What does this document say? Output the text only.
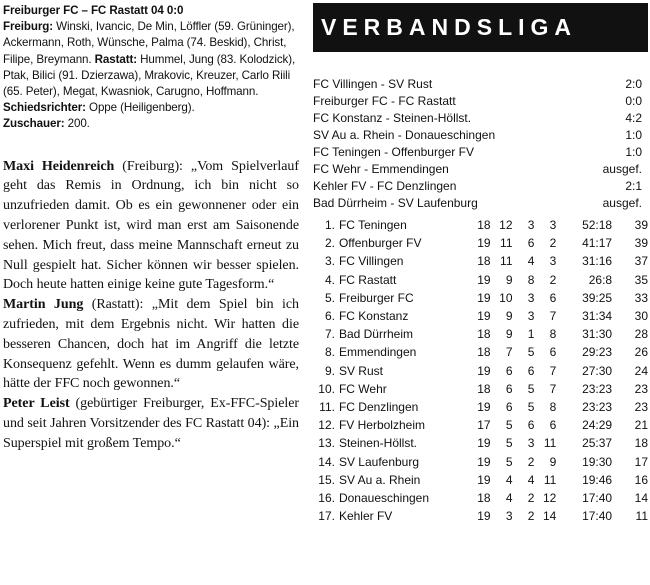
Freiburger FC – FC Rastatt 04 0:0
Freiburg: Winski, Ivancic, De Min, Löffler (59. Grüninger), Ackermann, Roth, Wünsche, Palma (74. Beskid), Christ, Filipe, Breymann. Rastatt: Hummel, Jung (83. Kolodzick), Ptak, Bilici (91. Dzierzawa), Mrakovic, Kreuzer, Carlo Riili (65. Peter), Megat, Kwasniok, Carugno, Hoffmann. Schiedsrichter: Oppe (Heiligenberg).
Zuschauer: 200.
Maxi Heidenreich (Freiburg): „Vom Spielverlauf geht das Remis in Ordnung, ich bin nicht so unzufrieden damit. Ob es ein gewonnener oder ein verlorener Punkt ist, wird man erst am Saisonende sehen. Mich freut, dass meine Mannschaft erneut zu Null gespielt hat. Sicher können wir besser spielen. Doch heute hatten einige keine gute Tagesform.“
Martin Jung (Rastatt): „Mit dem Spiel bin ich zufrieden, mit dem Ergebnis nicht. Wir hatten die besseren Chancen, doch hat im Angriff die letzte Konsequenz gefehlt. Wenn es dumm gelaufen wäre, hätte der FFC noch gewonnen.“
Peter Leist (gebürtiger Freiburger, Ex-FFC-Spieler und seit Jahren Vorsitzender des FC Rastatt 04): „Ein Superspiel mit großem Tempo.“
VERBANDSLIGA
FC Villingen - SV Rust	2:0
Freiburger FC - FC Rastatt	0:0
FC Konstanz - Steinen-Höllst.	4:2
SV Au a. Rhein - Donaueschingen	1:0
FC Teningen - Offenburger FV	1:0
FC Wehr - Emmendingen	ausgef.
Kehler FV - FC Denzlingen	2:1
Bad Dürrheim - SV Laufenburg	ausgef.
1.	FC Teningen	18	12	3	3	52:18	39
2.	Offenburger FV	19	11	6	2	41:17	39
3.	FC Villingen	18	11	4	3	31:16	37
4.	FC Rastatt	19	9	8	2	26:8	35
5.	Freiburger FC	19	10	3	6	39:25	33
6.	FC Konstanz	19	9	3	7	31:34	30
7.	Bad Dürrheim	18	9	1	8	31:30	28
8.	Emmendingen	18	7	5	6	29:23	26
9.	SV Rust	19	6	6	7	27:30	24
10.	FC Wehr	18	6	5	7	23:23	23
11.	FC Denzlingen	19	6	5	8	23:23	23
12.	FV Herbolzheim	17	5	6	6	24:29	21
13.	Steinen-Höllst.	19	5	3	11	25:37	18
14.	SV Laufenburg	19	5	2	9	19:30	17
15.	SV Au a. Rhein	19	4	4	11	19:46	16
16.	Donaueschingen	18	4	2	12	17:40	14
17.	Kehler FV	19	3	2	14	17:40	11
